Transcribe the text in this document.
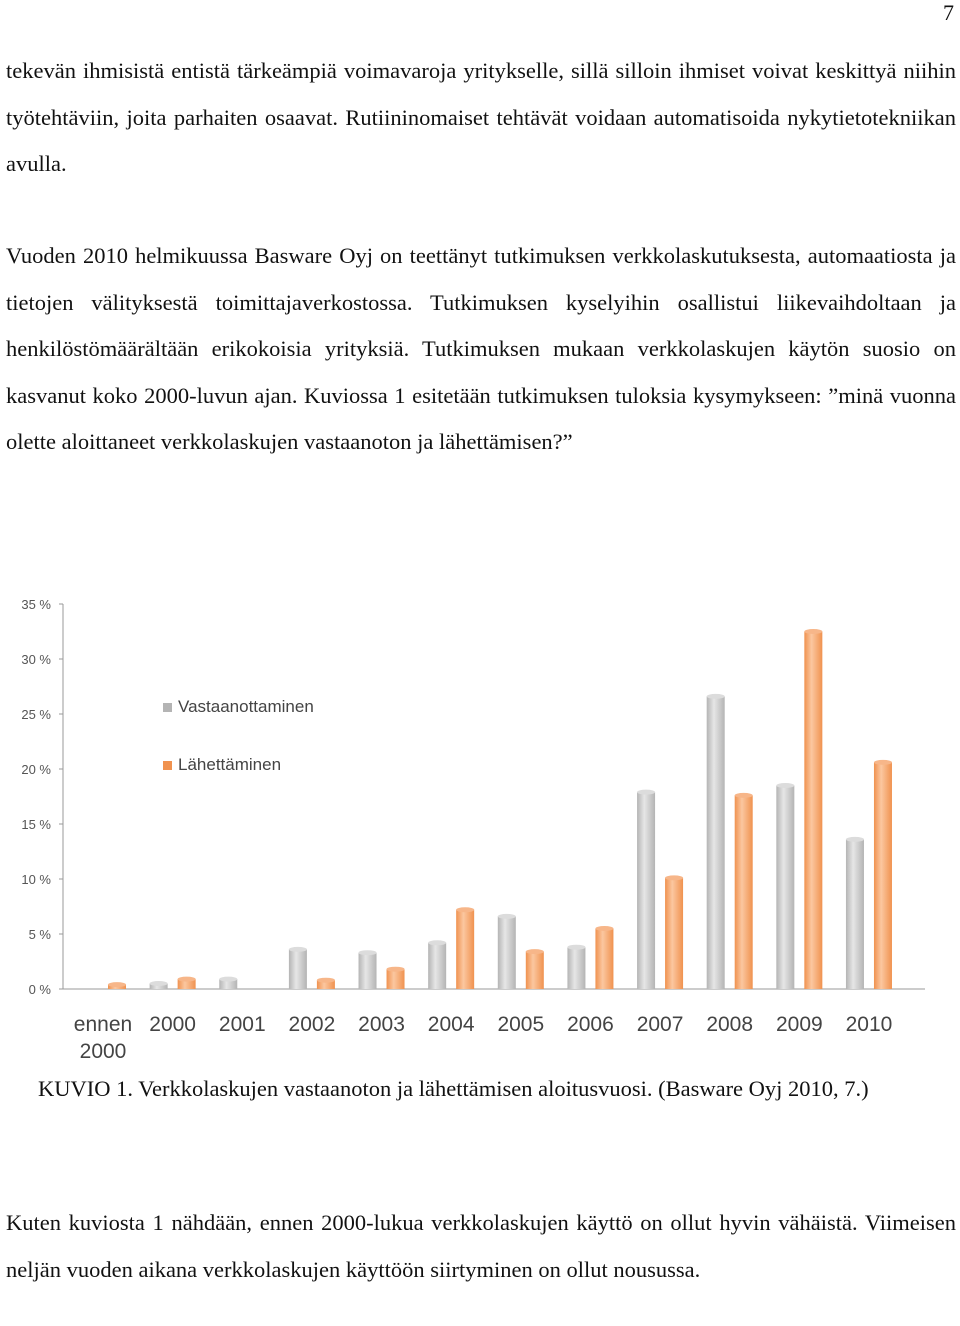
7

tekevän ihmisistä entistä tärkeämpiä voimavaroja yritykselle, sillä silloin ihmiset voivat keskittyä niihin työtehtäviin, joita parhaiten osaavat. Rutiininomaiset tehtävät voidaan automatisoida nykytietotekniikan avulla.

Vuoden 2010 helmikuussa Basware Oyj on teettänyt tutkimuksen verkkolaskutuksesta, automaatiosta ja tietojen välityksestä toimittajaverkostossa. Tutkimuksen kyselyihin osallistui liikevaihdoltaan ja henkilöstömäärältään erikokoisia yrityksiä. Tutkimuksen mukaan verkkolaskujen käytön suosio on kasvanut koko 2000-luvun ajan. Kuviossa 1 esitetään tutkimuksen tuloksia kysymykseen: ”minä vuonna olette aloittaneet verkkolaskujen vastaanoton ja lähettämisen?”

0 %
5 %
10 %
15 %
20 %
25 %
30 %
35 %
ennen
2000
2000 2001 2002 2003 2004 2005 2006 2007 2008 2009 2010
Vastaanottaminen
Lähettäminen

KUVIO 1. Verkkolaskujen vastaanoton ja lähettämisen aloitusvuosi. (Basware Oyj 2010, 7.)

Kuten kuviosta 1 nähdään, ennen 2000-lukua verkkolaskujen käyttö on ollut hyvin vähäistä. Viimeisen neljän vuoden aikana verkkolaskujen käyttöön siirtyminen on ollut nousussa.
